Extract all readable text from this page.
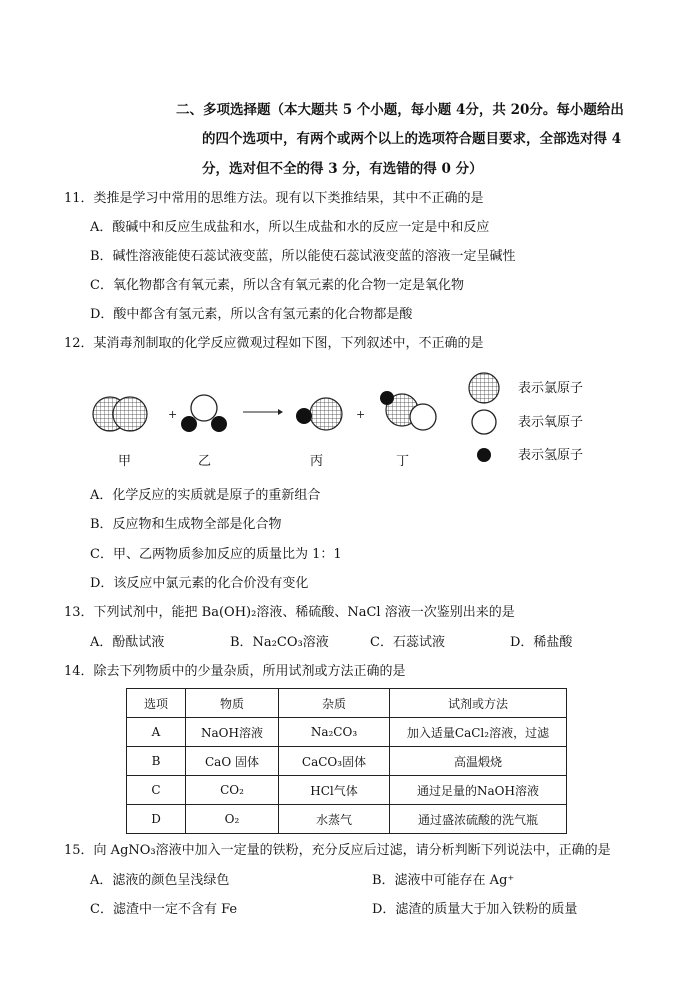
二、多项选择题（本大题共 5 个小题，每小题 4分，共 20分。每小题给出
的四个选项中，有两个或两个以上的选项符合题目要求，全部选对得 4
分，选对但不全的得 3 分，有选错的得 0 分）
11．类推是学习中常用的思维方法。现有以下类推结果，其中不正确的是
A．酸碱中和反应生成盐和水，所以生成盐和水的反应一定是中和反应
B．碱性溶液能使石蕊试液变蓝，所以能使石蕊试液变蓝的溶液一定呈碱性
C．氧化物都含有氧元素，所以含有氧元素的化合物一定是氧化物
D．酸中都含有氢元素，所以含有氢元素的化合物都是酸
12．某消毒剂制取的化学反应微观过程如下图，下列叙述中，不正确的是
+	+
甲	乙	丙	丁
表示氯原子
表示氧原子
表示氢原子
A．化学反应的实质就是原子的重新组合
B．反应物和生成物全部是化合物
C．甲、乙两物质参加反应的质量比为 1：1
D．该反应中氯元素的化合价没有变化
13．下列试剂中，能把 Ba(OH)₂溶液、稀硫酸、NaCl 溶液一次鉴别出来的是
A．酚酞试液	B．Na₂CO₃溶液	C．石蕊试液	D．稀盐酸
14．除去下列物质中的少量杂质，所用试剂或方法正确的是
选项	物质	杂质	试剂或方法
A	NaOH溶液	Na₂CO₃	加入适量CaCl₂溶液，过滤
B	CaO 固体	CaCO₃固体	高温煅烧
C	CO₂	HCl气体	通过足量的NaOH溶液
D	O₂	水蒸气	通过盛浓硫酸的洗气瓶
15．向 AgNO₃溶液中加入一定量的铁粉，充分反应后过滤，请分析判断下列说法中，正确的是
A．滤液的颜色呈浅绿色	B．滤液中可能存在 Ag⁺
C．滤渣中一定不含有 Fe	D．滤渣的质量大于加入铁粉的质量
